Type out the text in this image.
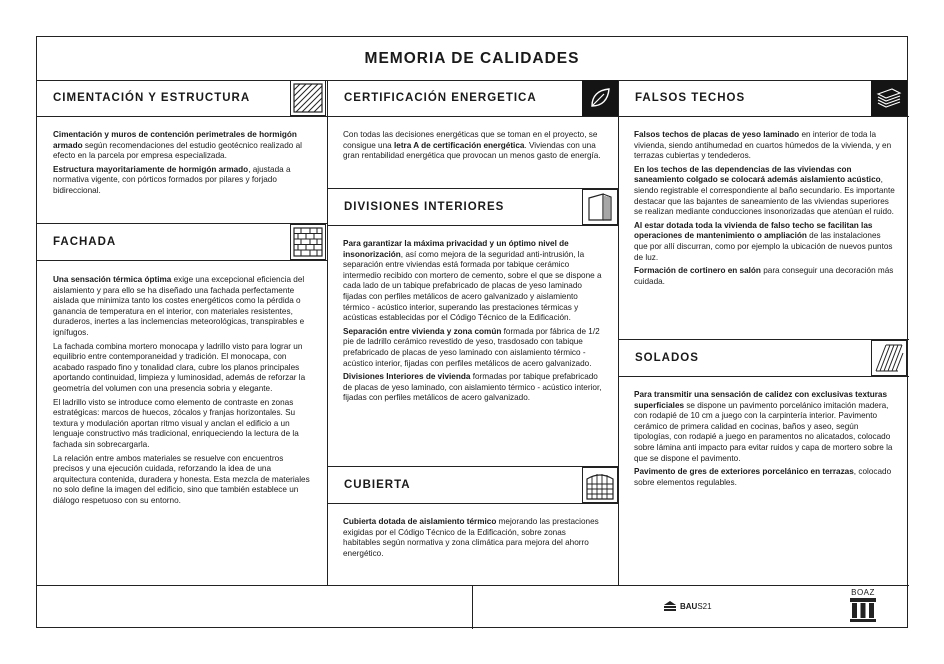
MEMORIA DE CALIDADES
CIMENTACIÓN Y ESTRUCTURA

Cimentación y muros de contención perimetrales de hormigón armado según recomendaciones del estudio geotécnico realizado al efecto en la parcela por empresa especializada.

Estructura mayoritariamente de hormigón armado, ajustada a normativa vigente, con pórticos formados por pilares y forjado bidireccional.

FACHADA

Una sensación térmica óptima exige una excepcional eficiencia del aislamiento y para ello se ha diseñado una fachada perfectamente aislada que minimiza tanto los costes energéticos como la pérdida o ganancia de temperatura en el interior, con materiales resistentes, duraderos, inertes a las inclemencias meteorológicas, transpirables e ignífugos.

La fachada combina mortero monocapa y ladrillo visto para lograr un equilibrio entre contemporaneidad y tradición. El monocapa, con acabado raspado fino y tonalidad clara, cubre los planos principales aportando continuidad, limpieza y luminosidad, además de reforzar la geometría del volumen con una presencia sobria y elegante.

El ladrillo visto se introduce como elemento de contraste en zonas estratégicas: marcos de huecos, zócalos y franjas horizontales. Su textura y modulación aportan ritmo visual y anclan el edificio a un lenguaje constructivo más tradicional, enriqueciendo la lectura de la fachada sin sobrecargarla.

La relación entre ambos materiales se resuelve con encuentros precisos y una ejecución cuidada, reforzando la idea de una arquitectura contenida, duradera y honesta. Esta mezcla de materiales no solo define la imagen del edificio, sino que también establece un diálogo respetuoso con su entorno.

CERTIFICACIÓN ENERGETICA

Con todas las decisiones energéticas que se toman en el proyecto, se consigue una letra A de certificación energética. Viviendas con una gran rentabilidad energética que provocan un menos gasto de energía.

DIVISIONES INTERIORES

Para garantizar la máxima privacidad y un óptimo nivel de insonorización, así como mejora de la seguridad anti-intrusión, la separación entre viviendas está formada por tabique cerámico intermedio recibido con mortero de cemento, sobre el que se dispone a cada lado de un tabique prefabricado de placas de yeso laminado fijadas con perfiles metálicos de acero galvanizado y aislamiento térmico - acústico interior, superando las prestaciones térmicas y acústicas establecidas por el Código Técnico de la Edificación.

Separación entre vivienda y zona común formada por fábrica de 1/2 pie de ladrillo cerámico revestido de yeso, trasdosado con tabique prefabricado de placas de yeso laminado con aislamiento térmico - acústico interior, fijadas con perfiles metálicos de acero galvanizado.

Divisiones Interiores de vivienda formadas por tabique prefabricado de placas de yeso laminado, con aislamiento térmico - acústico interior, fijadas con perfiles metálicos de acero galvanizado.

CUBIERTA

Cubierta dotada de aislamiento térmico mejorando las prestaciones exigidas por el Código Técnico de la Edificación, sobre zonas habitables según normativa y zona climática para mejora del ahorro energético.

FALSOS TECHOS

Falsos techos de placas de yeso laminado en interior de toda la vivienda, siendo antihumedad en cuartos húmedos de la vivienda, y en terrazas cubiertas y tendederos.

En los techos de las dependencias de las viviendas con saneamiento colgado se colocará además aislamiento acústico, siendo registrable el correspondiente al baño secundario. Es importante destacar que las bajantes de saneamiento de las viviendas superiores se realizan mediante conducciones insonorizadas que atenúan el ruido.

Al estar dotada toda la vivienda de falso techo se facilitan las operaciones de mantenimiento o ampliación de las instalaciones que por allí discurran, como por ejemplo la ubicación de nuevos puntos de luz.

Formación de cortinero en salón para conseguir una decoración más cuidada.

SOLADOS

Para transmitir una sensación de calidez con exclusivas texturas superficiales se dispone un pavimento porcelánico imitación madera, con rodapié de 10 cm a juego con la carpintería interior. Pavimento cerámico de primera calidad en cocinas, baños y aseo, según tipologías, con rodapié a juego en paramentos no alicatados, colocado sobre lámina anti impacto para evitar ruidos y capa de mortero sobre la que se dispone el pavimento.

Pavimento de gres de exteriores porcelánico en terrazas, colocado sobre elementos regulables.

BAU S21
BOAZ
